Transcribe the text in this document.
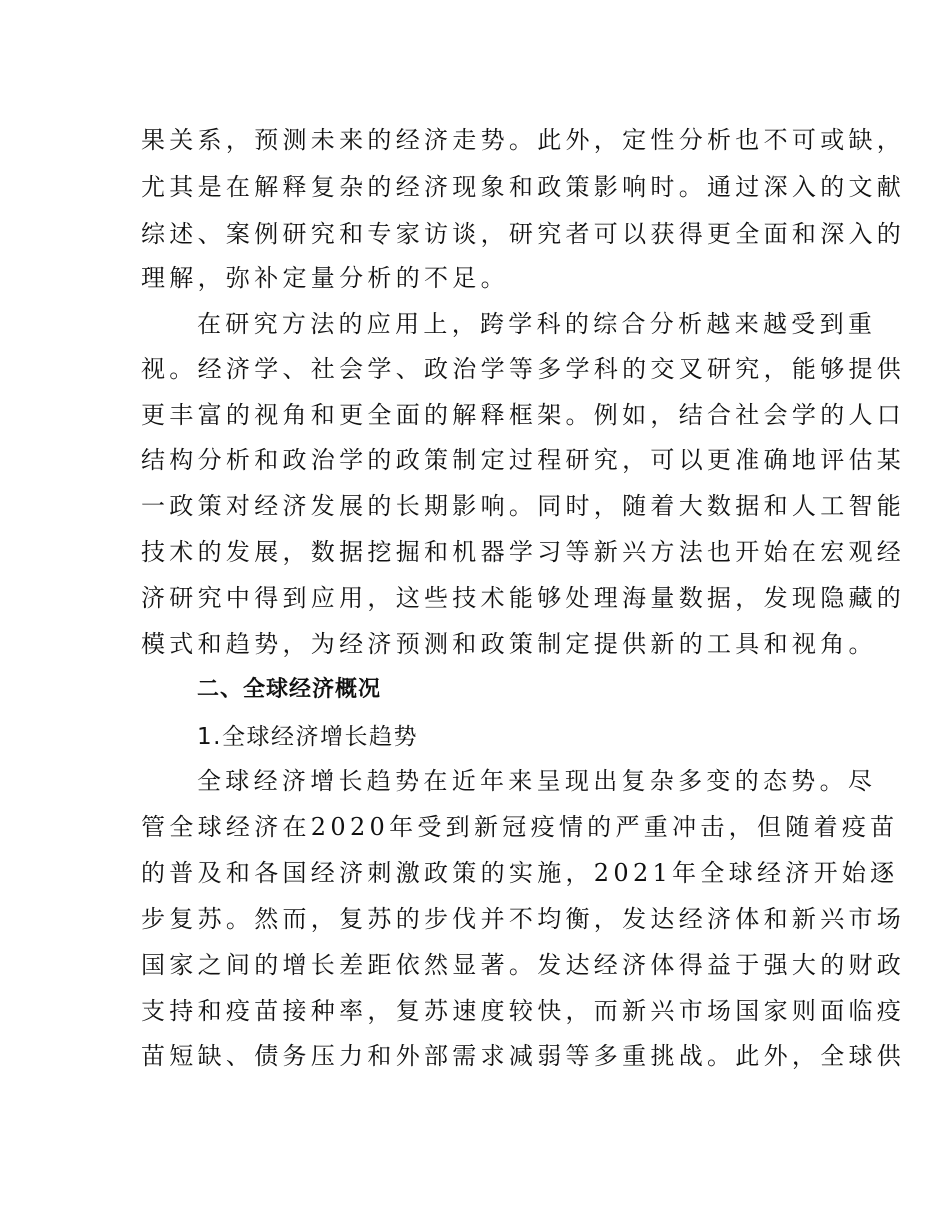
果关系，预测未来的经济走势。此外，定性分析也不可或缺，
尤其是在解释复杂的经济现象和政策影响时。通过深入的文献
综述、案例研究和专家访谈，研究者可以获得更全面和深入的
理解，弥补定量分析的不足。
在研究方法的应用上，跨学科的综合分析越来越受到重
视。经济学、社会学、政治学等多学科的交叉研究，能够提供
更丰富的视角和更全面的解释框架。例如，结合社会学的人口
结构分析和政治学的政策制定过程研究，可以更准确地评估某
一政策对经济发展的长期影响。同时，随着大数据和人工智能
技术的发展，数据挖掘和机器学习等新兴方法也开始在宏观经
济研究中得到应用，这些技术能够处理海量数据，发现隐藏的
模式和趋势，为经济预测和政策制定提供新的工具和视角。
二、全球经济概况
1.全球经济增长趋势
全球经济增长趋势在近年来呈现出复杂多变的态势。尽
管全球经济在2020年受到新冠疫情的严重冲击，但随着疫苗
的普及和各国经济刺激政策的实施，2021年全球经济开始逐
步复苏。然而，复苏的步伐并不均衡，发达经济体和新兴市场
国家之间的增长差距依然显著。发达经济体得益于强大的财政
支持和疫苗接种率，复苏速度较快，而新兴市场国家则面临疫
苗短缺、债务压力和外部需求减弱等多重挑战。此外，全球供
